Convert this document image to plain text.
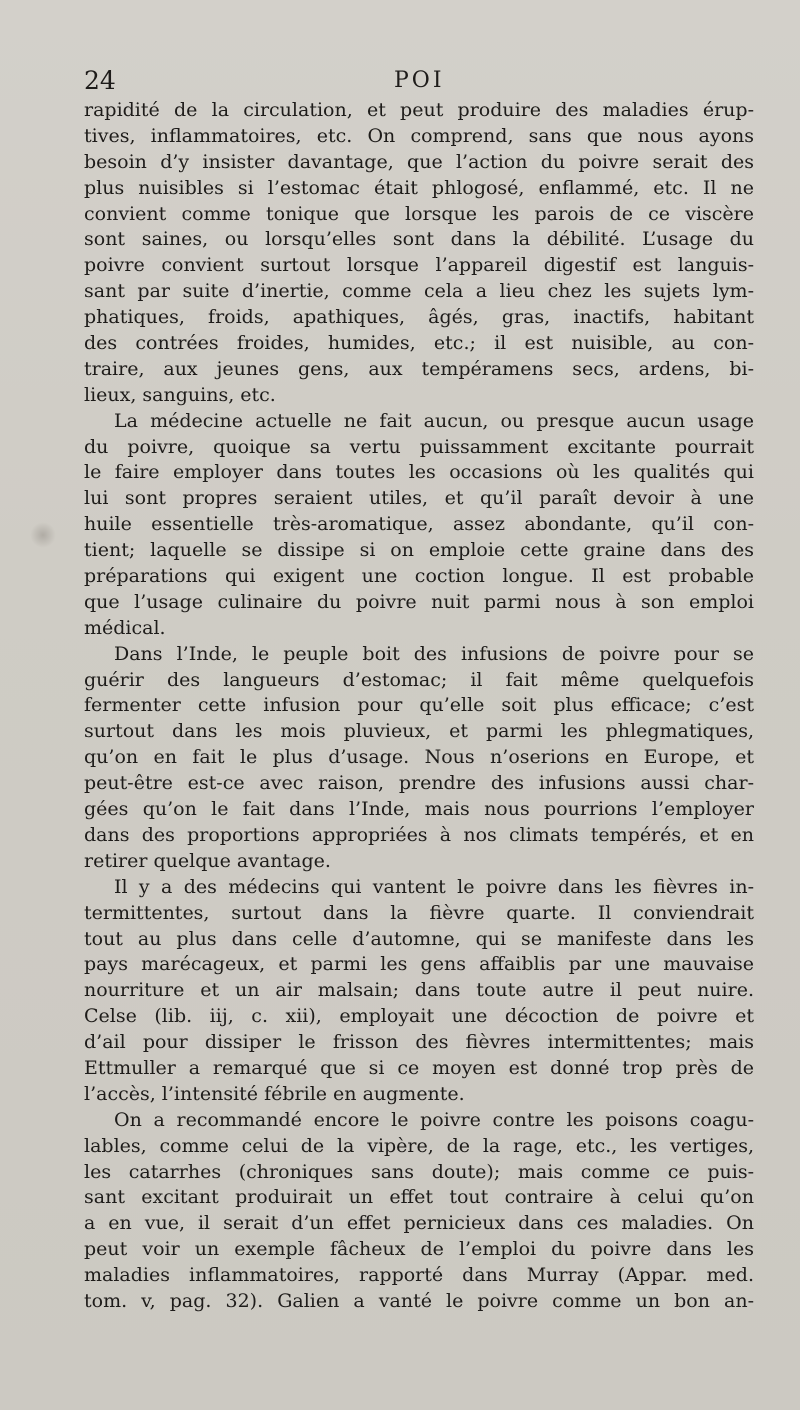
24	POI
rapidité de la circulation, et peut produire des maladies érup-
tives, inflammatoires, etc. On comprend, sans que nous ayons
besoin d’y insister davantage, que l’action du poivre serait des
plus nuisibles si l’estomac était phlogosé, enflammé, etc. Il ne
convient comme tonique que lorsque les parois de ce viscère
sont saines, ou lorsqu’elles sont dans la débilité. L’usage du
poivre convient surtout lorsque l’appareil digestif est languis-
sant par suite d’inertie, comme cela a lieu chez les sujets lym-
phatiques, froids, apathiques, âgés, gras, inactifs, habitant
des contrées froides, humides, etc.; il est nuisible, au con-
traire, aux jeunes gens, aux tempéramens secs, ardens, bi-
lieux, sanguins, etc.
La médecine actuelle ne fait aucun, ou presque aucun usage
du poivre, quoique sa vertu puissamment excitante pourrait
le faire employer dans toutes les occasions où les qualités qui
lui sont propres seraient utiles, et qu’il paraît devoir à une
huile essentielle très-aromatique, assez abondante, qu’il con-
tient; laquelle se dissipe si on emploie cette graine dans des
préparations qui exigent une coction longue. Il est probable
que l’usage culinaire du poivre nuit parmi nous à son emploi
médical.
Dans l’Inde, le peuple boit des infusions de poivre pour se
guérir des langueurs d’estomac; il fait même quelquefois
fermenter cette infusion pour qu’elle soit plus efficace; c’est
surtout dans les mois pluvieux, et parmi les phlegmatiques,
qu’on en fait le plus d’usage. Nous n’oserions en Europe, et
peut-être est-ce avec raison, prendre des infusions aussi char-
gées qu’on le fait dans l’Inde, mais nous pourrions l’employer
dans des proportions appropriées à nos climats tempérés, et en
retirer quelque avantage.
Il y a des médecins qui vantent le poivre dans les fièvres in-
termittentes, surtout dans la fièvre quarte. Il conviendrait
tout au plus dans celle d’automne, qui se manifeste dans les
pays marécageux, et parmi les gens affaiblis par une mauvaise
nourriture et un air malsain; dans toute autre il peut nuire.
Celse (lib. iij, c. xii), employait une décoction de poivre et
d’ail pour dissiper le frisson des fièvres intermittentes; mais
Ettmuller a remarqué que si ce moyen est donné trop près de
l’accès, l’intensité fébrile en augmente.
On a recommandé encore le poivre contre les poisons coagu-
lables, comme celui de la vipère, de la rage, etc., les vertiges,
les catarrhes (chroniques sans doute); mais comme ce puis-
sant excitant produirait un effet tout contraire à celui qu’on
a en vue, il serait d’un effet pernicieux dans ces maladies. On
peut voir un exemple fâcheux de l’emploi du poivre dans les
maladies inflammatoires, rapporté dans Murray (Appar. med.
tom. v, pag. 32). Galien a vanté le poivre comme un bon an-
